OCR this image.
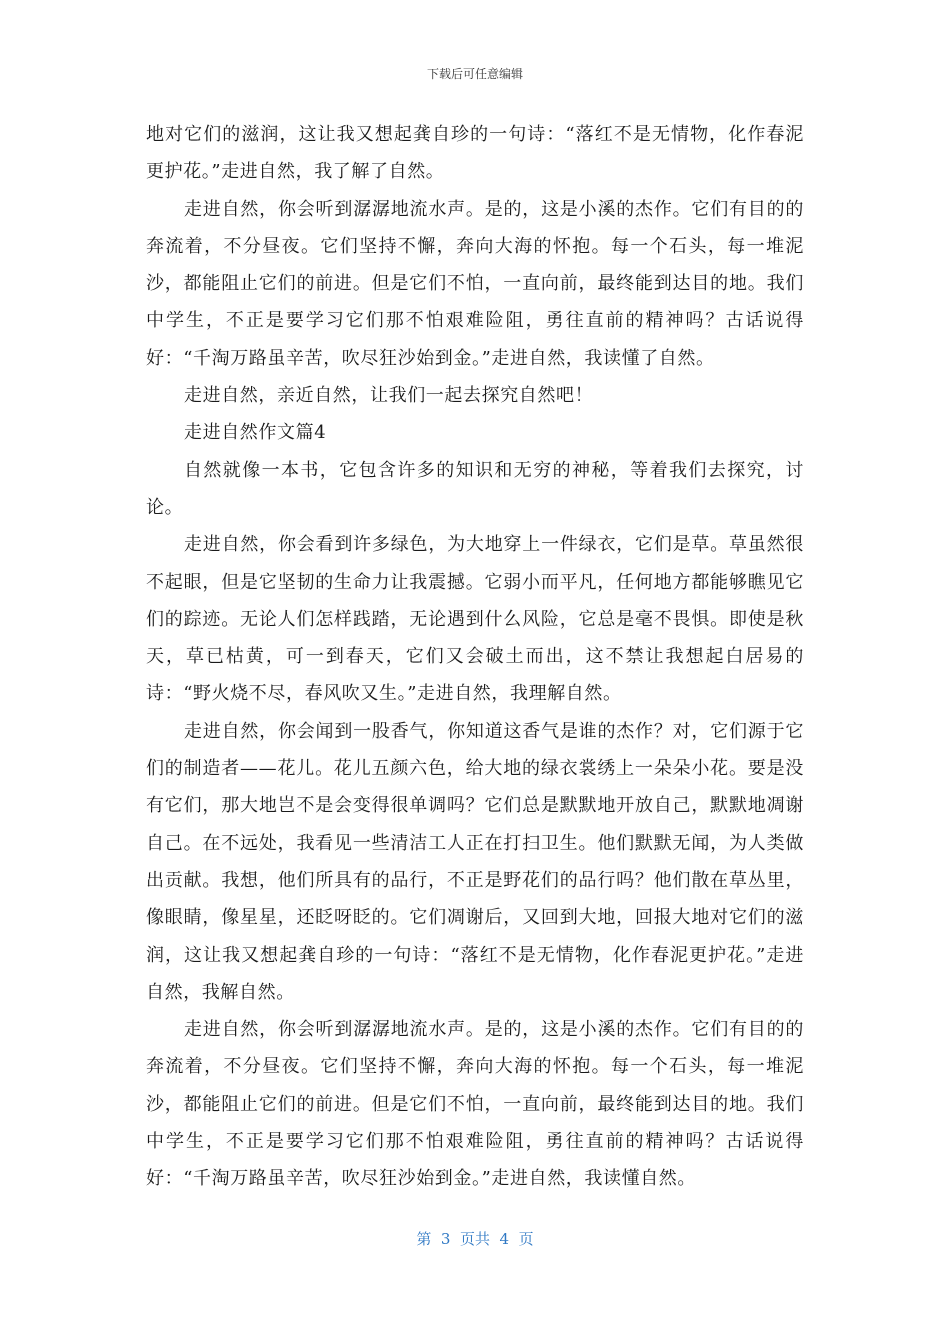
下载后可任意编辑

地对它们的滋润，这让我又想起龚自珍的一句诗：“落红不是无情物，化作春泥更护花。”走进自然，我了解了自然。

走进自然，你会听到潺潺地流水声。是的，这是小溪的杰作。它们有目的的奔流着，不分昼夜。它们坚持不懈，奔向大海的怀抱。每一个石头，每一堆泥沙，都能阻止它们的前进。但是它们不怕，一直向前，最终能到达目的地。我们中学生，不正是要学习它们那不怕艰难险阻，勇往直前的精神吗？古话说得好：“千淘万路虽辛苦，吹尽狂沙始到金。”走进自然，我读懂了自然。

走进自然，亲近自然，让我们一起去探究自然吧！

走进自然作文篇4

自然就像一本书，它包含许多的知识和无穷的神秘，等着我们去探究，讨论。

走进自然，你会看到许多绿色，为大地穿上一件绿衣，它们是草。草虽然很不起眼，但是它坚韧的生命力让我震撼。它弱小而平凡，任何地方都能够瞧见它们的踪迹。无论人们怎样践踏，无论遇到什么风险，它总是毫不畏惧。即使是秋天，草已枯黄，可一到春天，它们又会破土而出，这不禁让我想起白居易的诗：“野火烧不尽，春风吹又生。”走进自然，我理解自然。

走进自然，你会闻到一股香气，你知道这香气是谁的杰作？对，它们源于它们的制造者——花儿。花儿五颜六色，给大地的绿衣裳绣上一朵朵小花。要是没有它们，那大地岂不是会变得很单调吗？它们总是默默地开放自己，默默地凋谢自己。在不远处，我看见一些清洁工人正在打扫卫生。他们默默无闻，为人类做出贡献。我想，他们所具有的品行，不正是野花们的品行吗？他们散在草丛里，像眼睛，像星星，还眨呀眨的。它们凋谢后，又回到大地，回报大地对它们的滋润，这让我又想起龚自珍的一句诗：“落红不是无情物，化作春泥更护花。”走进自然，我解自然。

走进自然，你会听到潺潺地流水声。是的，这是小溪的杰作。它们有目的的奔流着，不分昼夜。它们坚持不懈，奔向大海的怀抱。每一个石头，每一堆泥沙，都能阻止它们的前进。但是它们不怕，一直向前，最终能到达目的地。我们中学生，不正是要学习它们那不怕艰难险阻，勇往直前的精神吗？古话说得好：“千淘万路虽辛苦，吹尽狂沙始到金。”走进自然，我读懂自然。

第  3  页共  4  页
